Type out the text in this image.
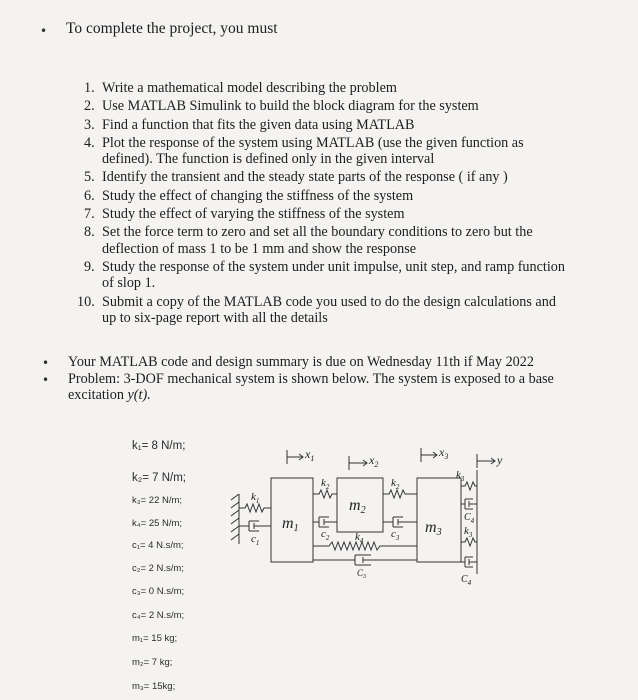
• To complete the project, you must
1. Write a mathematical model describing the problem
2. Use MATLAB Simulink to build the block diagram for the system
3. Find a function that fits the given data using MATLAB
4. Plot the response of the system using MATLAB (use the given function as defined). The function is defined only in the given interval
5. Identify the transient and the steady state parts of the response ( if any )
6. Study the effect of changing the stiffness of the system
7. Study the effect of varying the stiffness of the system
8. Set the force term to zero and set all the boundary conditions to zero but the deflection of mass 1 to be 1 mm and show the response
9. Study the response of the system under unit impulse, unit step, and ramp function of slop 1.
10. Submit a copy of the MATLAB code you used to do the design calculations and up to six-page report with all the details
• Your MATLAB code and design summary is due on Wednesday 11th if May 2022
• Problem: 3-DOF mechanical system is shown below. The system is exposed to a base excitation y(t).
k₁= 8 N/m;
k₂= 7 N/m;
k₃= 22 N/m;
k₄= 25 N/m;
c₁= 4 N.s/m;
c₂= 2 N.s/m;
c₃= 0 N.s/m;
c₄= 2 N.s/m;
m₁= 15 kg;
m₂= 7 kg;
m₃= 15kg;
$x_1$	$x_2$
$x_3$	y
m1
m2
m3
$k_1$
$c_1$
$k_2$
$c_2$ $k_4$
$k_2$
$c_3$
$C_3$
$k_3$
$C_4$
$k_3$
$C_4$
